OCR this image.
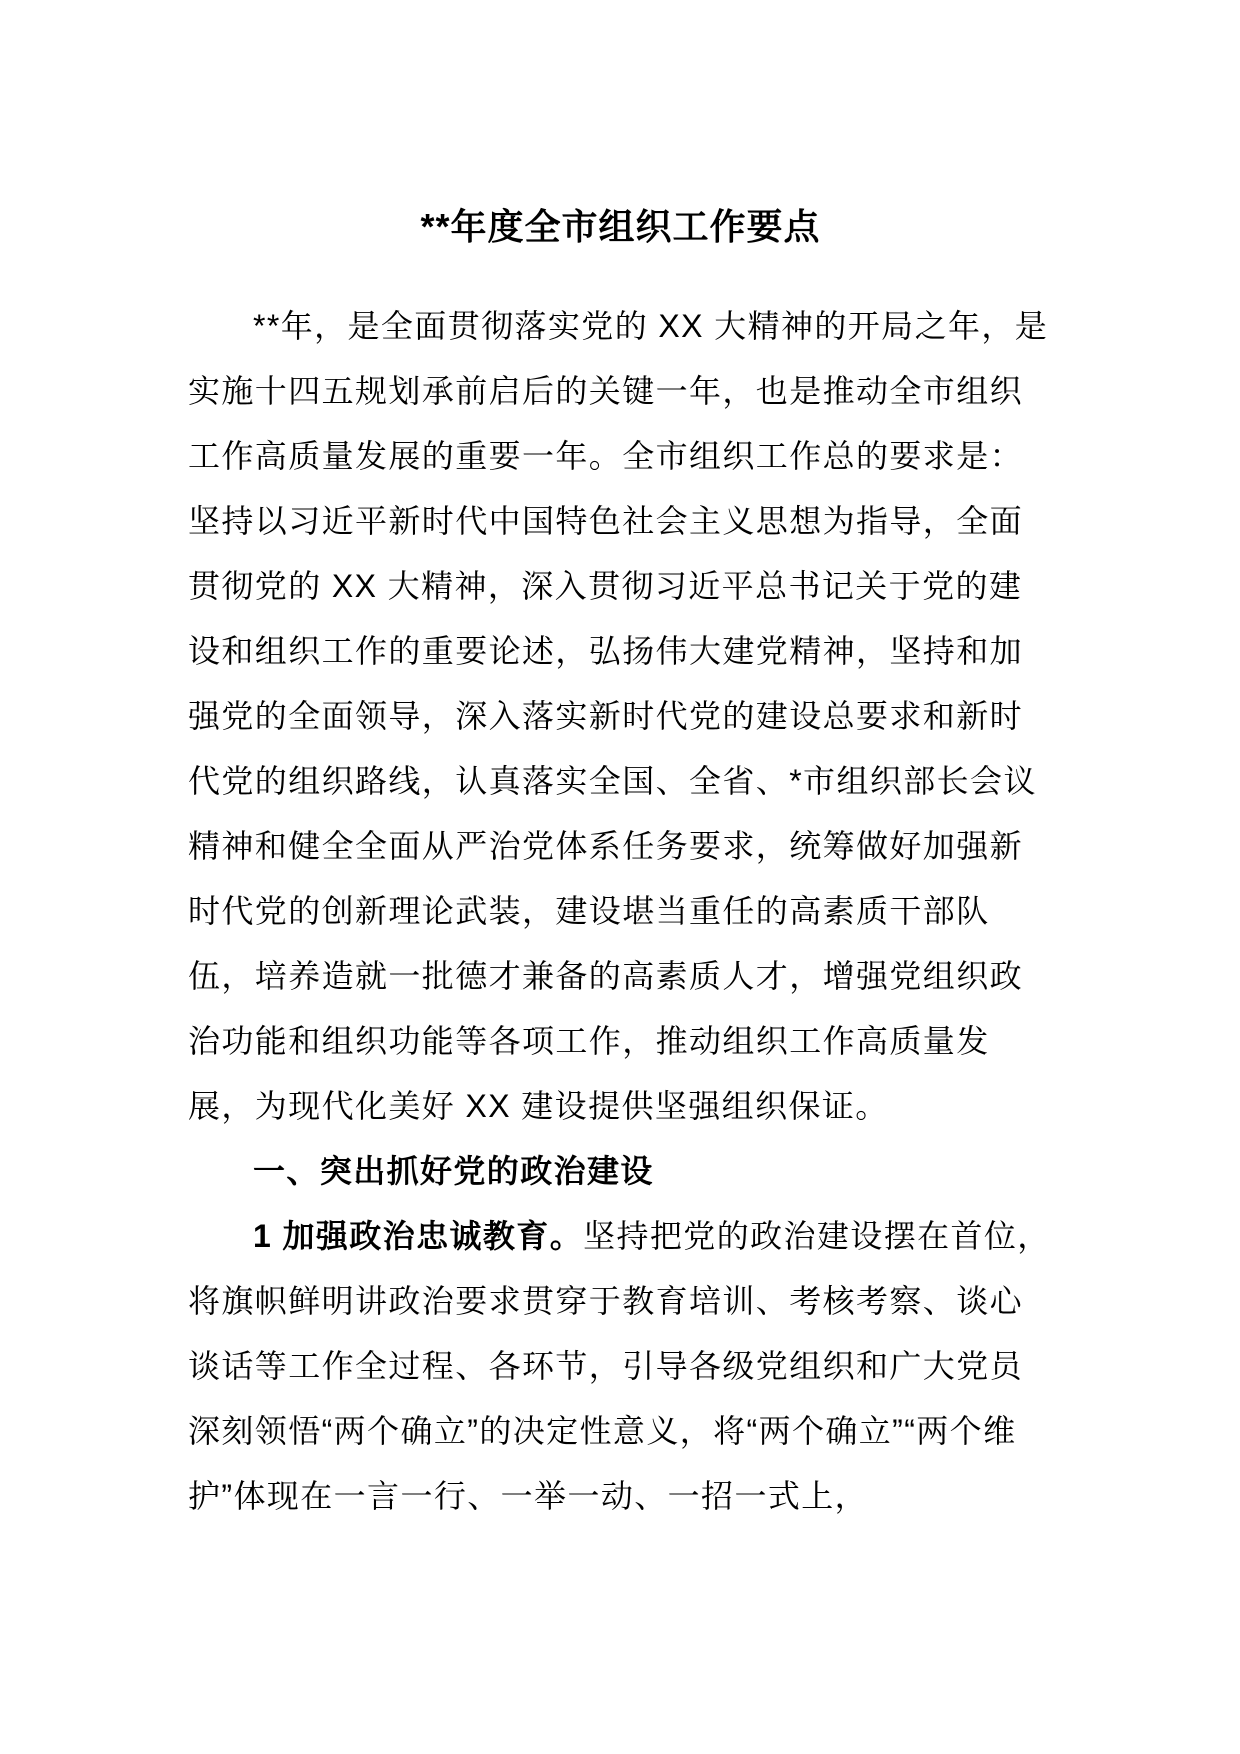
**年度全市组织工作要点

**年，是全面贯彻落实党的 XX 大精神的开局之年，是实施十四五规划承前启后的关键一年，也是推动全市组织工作高质量发展的重要一年。全市组织工作总的要求是：坚持以习近平新时代中国特色社会主义思想为指导，全面贯彻党的 XX 大精神，深入贯彻习近平总书记关于党的建设和组织工作的重要论述，弘扬伟大建党精神，坚持和加强党的全面领导，深入落实新时代党的建设总要求和新时代党的组织路线，认真落实全国、全省、*市组织部长会议精神和健全全面从严治党体系任务要求，统筹做好加强新时代党的创新理论武装，建设堪当重任的高素质干部队伍，培养造就一批德才兼备的高素质人才，增强党组织政治功能和组织功能等各项工作，推动组织工作高质量发展，为现代化美好 XX 建设提供坚强组织保证。

一、突出抓好党的政治建设

1 加强政治忠诚教育。坚持把党的政治建设摆在首位，将旗帜鲜明讲政治要求贯穿于教育培训、考核考察、谈心谈话等工作全过程、各环节，引导各级党组织和广大党员深刻领悟“两个确立”的决定性意义，将“两个确立”“两个维护”体现在一言一行、一举一动、一招一式上，
